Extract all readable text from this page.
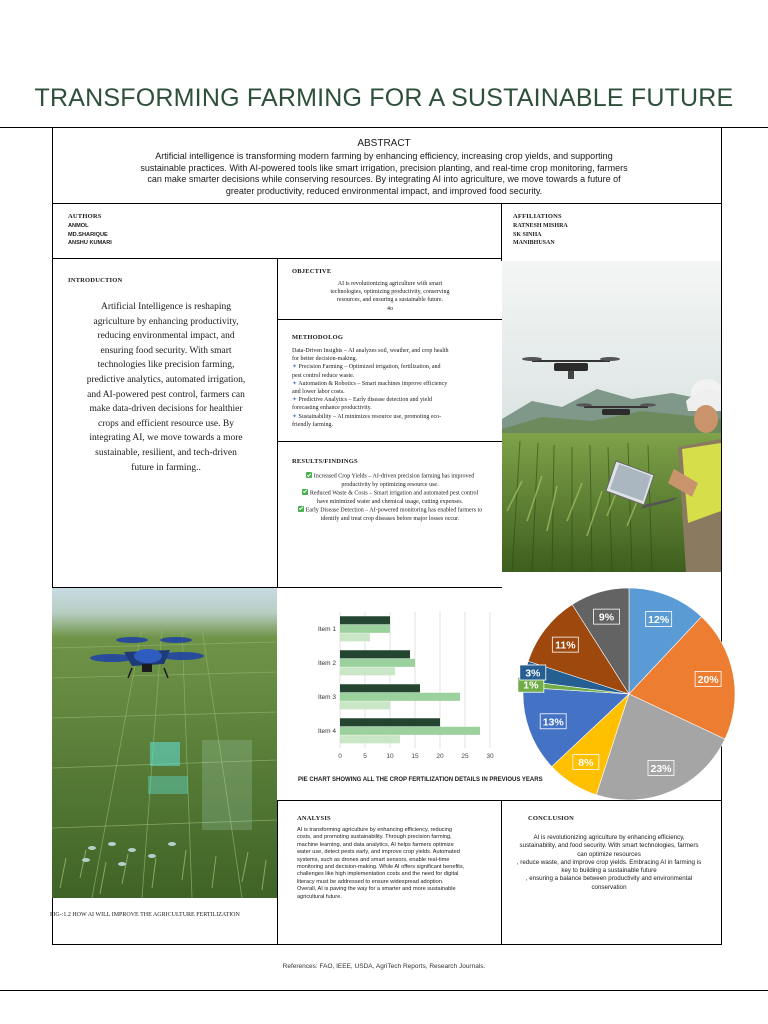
TRANSFORMING FARMING FOR A SUSTAINABLE FUTURE
ABSTRACT
Artificial intelligence is transforming modern farming by enhancing efficiency, increasing crop yields, and supporting
sustainable practices. With AI-powered tools like smart irrigation, precision planting, and real-time crop monitoring, farmers
can make smarter decisions while conserving resources. By integrating AI into agriculture, we move towards a future of
greater productivity, reduced environmental impact, and improved food security.
AUTHORS
ANMOL
MD.SHARIQUE
ANSHU KUMARI
AFFILIATIONS
RATNESH MISHRA
SK SINHA
MANIBHUSAN
INTRODUCTION
Artificial Intelligence is reshaping
agriculture by enhancing productivity,
reducing environmental impact, and
ensuring food security. With smart
technologies like precision farming,
predictive analytics, automated irrigation,
and AI-powered pest control, farmers can
make data-driven decisions for healthier
crops and efficient resource use. By
integrating AI, we move towards a more
sustainable, resilient, and tech-driven
future in farming..
OBJECTIVE
AI is revolutionizing agriculture with smart
technologies, optimizing productivity, conserving
resources, and ensuring a sustainable future.
4o
METHODOLOG
Data-Driven Insights – AI analyzes soil, weather, and crop health
for better decision-making.
✦ Precision Farming – Optimized irrigation, fertilization, and
pest control reduce waste.
✦ Automation & Robotics – Smart machines improve efficiency
and lower labor costs.
✦ Predictive Analytics – Early disease detection and yield
forecasting enhance productivity.
✦ Sustainability – AI minimizes resource use, promoting eco-
friendly farming.
RESULTS/FINDINGS
Increased Crop Yields – AI-driven precision farming has improved
productivity by optimizing resource use.
Reduced Waste & Costs – Smart irrigation and automated pest control
have minimized water and chemical usage, cutting expenses.
Early Disease Detection – AI-powered monitoring has enabled farmers to
identify and treat crop diseases before major losses occur.
FIG-:1.2 HOW AI WILL IMPROVE THE AGRICULTURE FERTILIZATION
0	5	10	15	20	25	30
Item 1
Item 2
Item 3
Item 4
12%
20%
23%
8%
13%
1%
3%
11%
9%
PIE CHART SHOWING ALL THE CROP FERTILIZATION DETAILS IN PREVIOUS YEARS
ANALYSIS
AI is transforming agriculture by enhancing efficiency, reducing
costs, and promoting sustainability. Through precision farming,
machine learning, and data analytics, AI helps farmers optimize
water use, detect pests early, and improve crop yields. Automated
systems, such as drones and smart sensors, enable real-time
monitoring and decision-making. While AI offers significant benefits,
challenges like high implementation costs and the need for digital
literacy must be addressed to ensure widespread adoption.
Overall, AI is paving the way for a smarter and more sustainable
agricultural future.
CONCLUSION
AI is revolutionizing agriculture by enhancing efficiency,
sustainability, and food security. With smart technologies, farmers
can optimize resources
, reduce waste, and improve crop yields. Embracing AI in farming is
key to building a sustainable future
, ensuring a balance between productivity and environmental
conservation
References: FAO, IEEE, USDA, AgriTech Reports, Research Journals.
